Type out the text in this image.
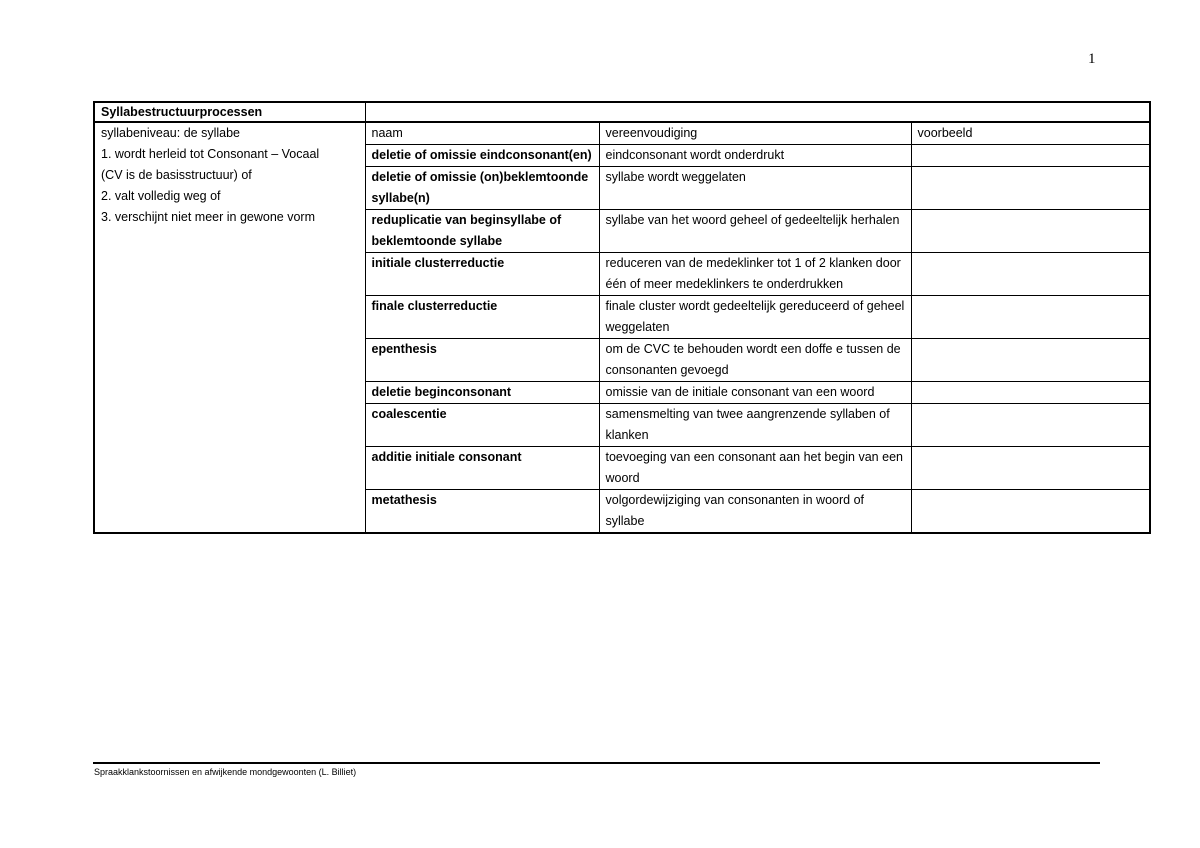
1
Syllabestructuurprocessen			

syllabeniveau: de syllabe
1. wordt herleid tot Consonant – Vocaal
(CV is de basisstructuur) of
2. valt volledig weg of
3. verschijnt niet meer in gewone vorm	naam	vereenvoudiging	voorbeeld
	deletie of omissie eindconsonant(en)	eindconsonant wordt onderdrukt	
	deletie of omissie (on)beklemtoonde syllabe(n)	syllabe wordt weggelaten	
	reduplicatie van beginsyllabe of beklemtoonde syllabe	syllabe van het woord geheel of gedeeltelijk herhalen	
	initiale clusterreductie	reduceren van de medeklinker tot 1 of 2 klanken door één of meer medeklinkers te onderdrukken	
	finale clusterreductie	finale cluster wordt gedeeltelijk gereduceerd of geheel weggelaten	
	epenthesis	om de CVC te behouden wordt een doffe e tussen de consonanten gevoegd	
	deletie beginconsonant	omissie van de initiale consonant van een woord	
	coalescentie	samensmelting van twee aangrenzende syllaben of klanken	
	additie initiale consonant	toevoeging van een consonant aan het begin van een woord	
	metathesis	volgordewijziging van consonanten in woord of syllabe	
Spraakklankstoornissen en afwijkende mondgewoonten (L. Billiet)
